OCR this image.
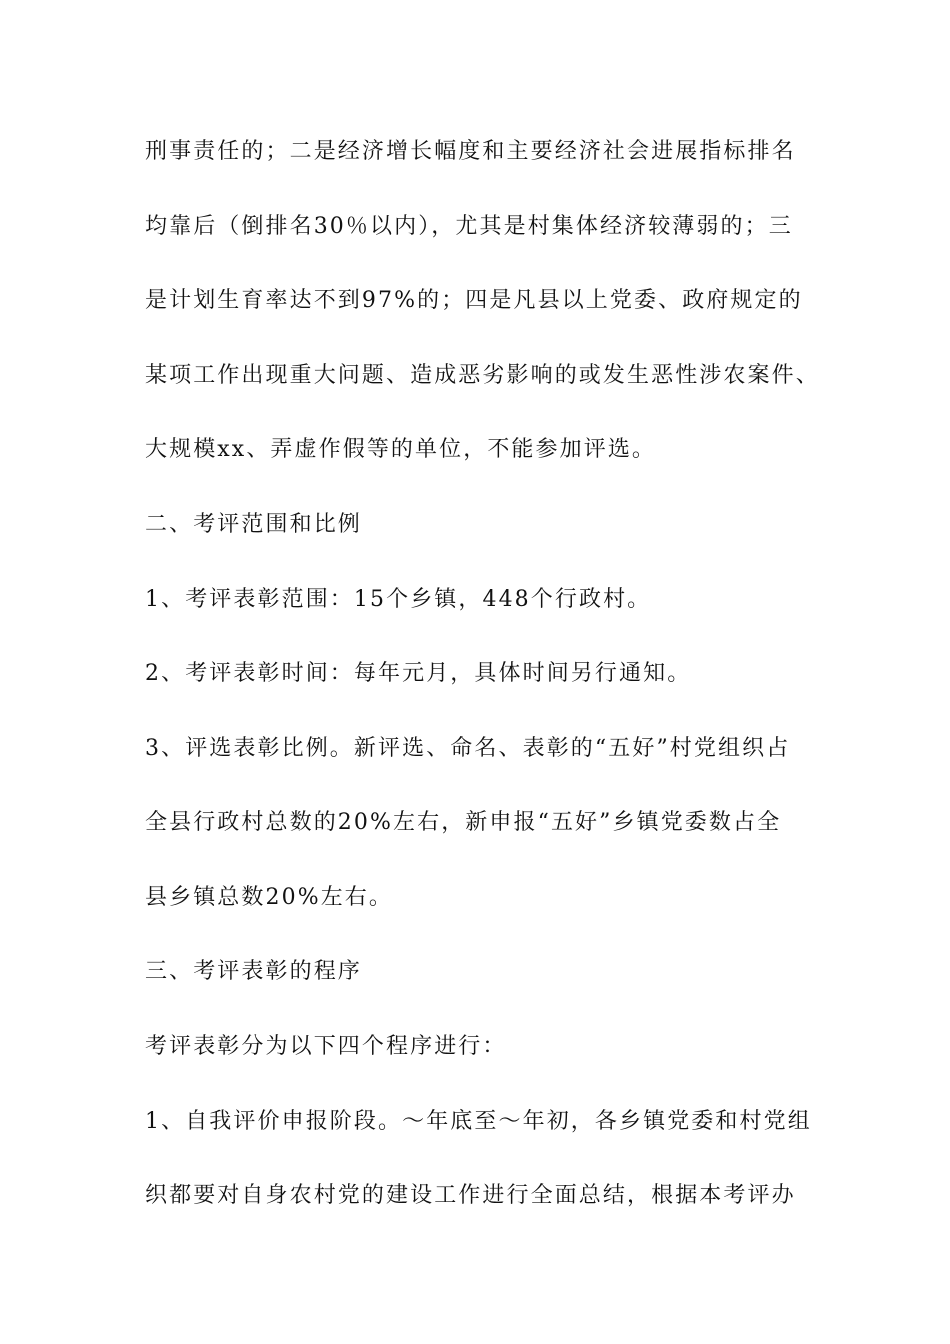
刑事责任的；二是经济增长幅度和主要经济社会进展指标排名
均靠后（倒排名30％以内），尤其是村集体经济较薄弱的；三
是计划生育率达不到97%的；四是凡县以上党委、政府规定的
某项工作出现重大问题、造成恶劣影响的或发生恶性涉农案件、
大规模xx、弄虚作假等的单位，不能参加评选。
二、考评范围和比例
1、考评表彰范围：15个乡镇，448个行政村。
2、考评表彰时间：每年元月，具体时间另行通知。
3、评选表彰比例。新评选、命名、表彰的“五好”村党组织占
全县行政村总数的20%左右，新申报“五好”乡镇党委数占全
县乡镇总数20%左右。
三、考评表彰的程序
考评表彰分为以下四个程序进行：
1、自我评价申报阶段。～年底至～年初，各乡镇党委和村党组
织都要对自身农村党的建设工作进行全面总结，根据本考评办
